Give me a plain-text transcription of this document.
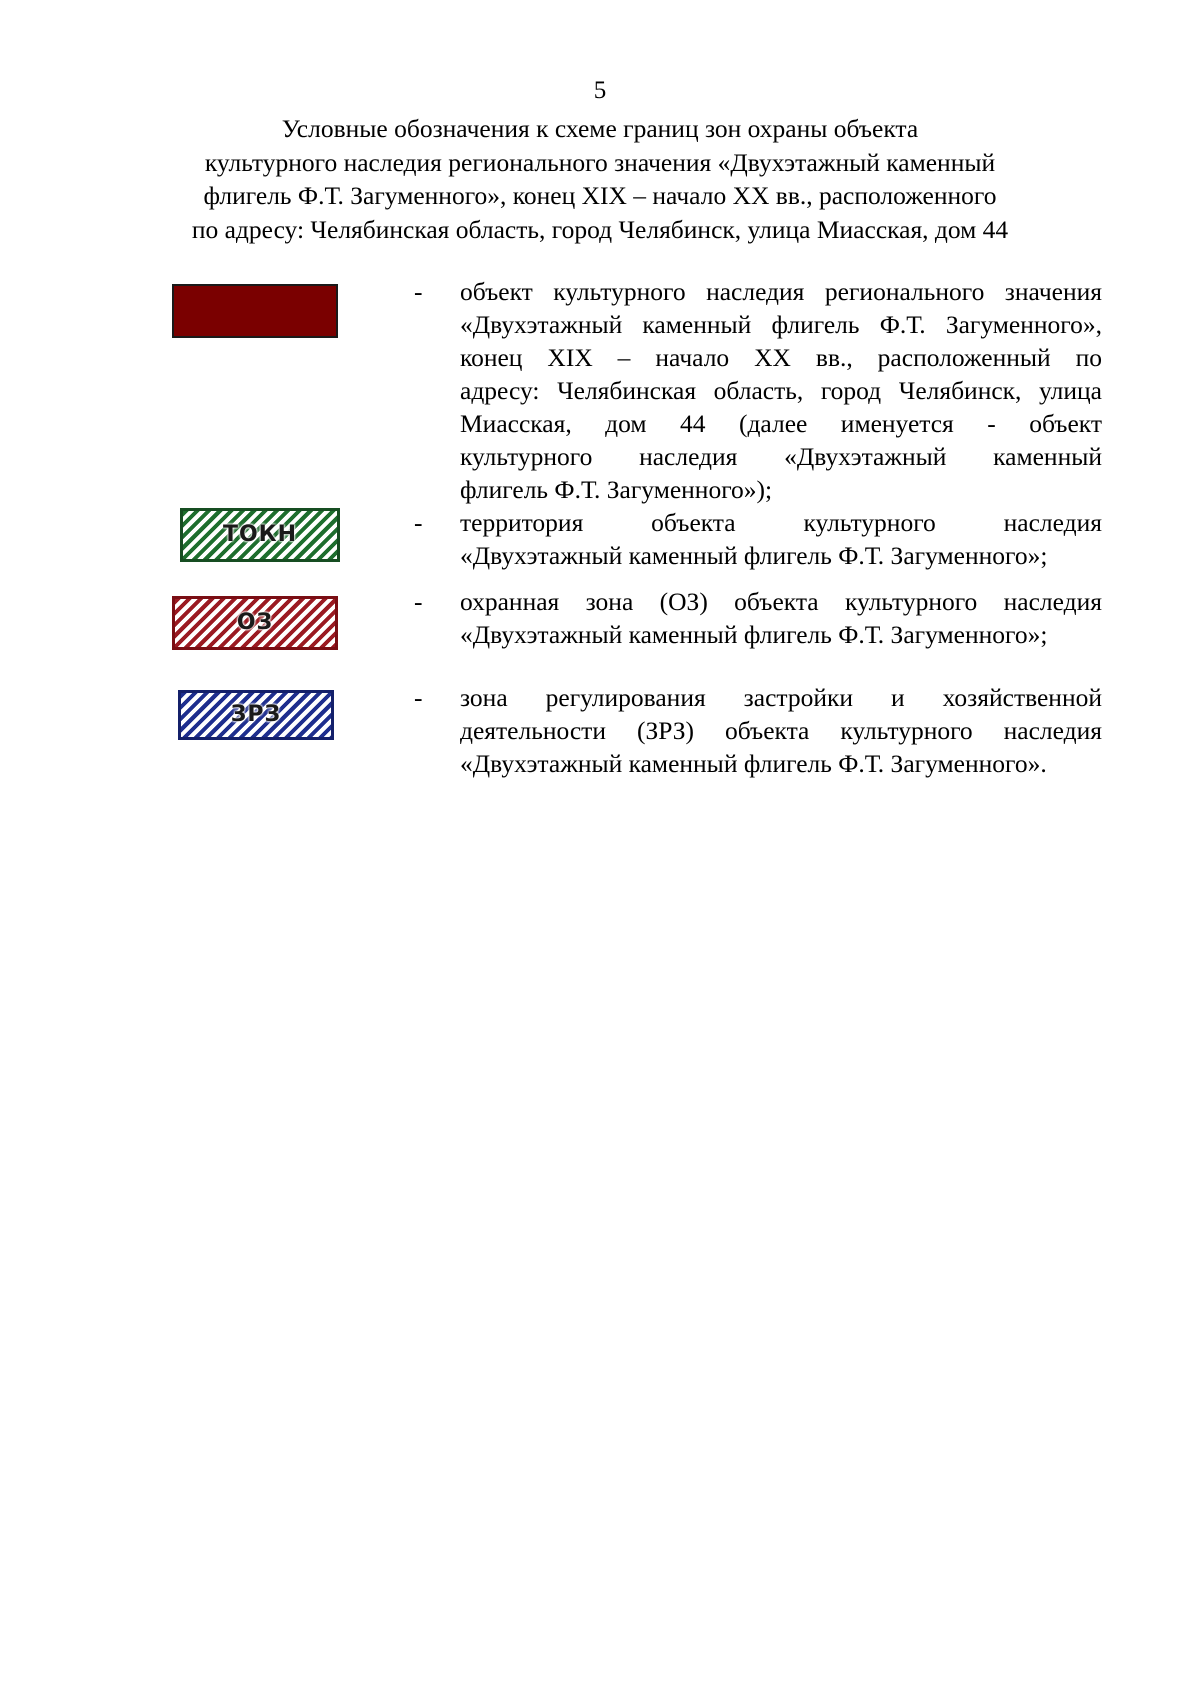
5
Условные обозначения к схеме границ зон охраны объекта
культурного наследия регионального значения «Двухэтажный каменный
флигель Ф.Т. Загуменного», конец XIX – начало XX вв., расположенного
по адресу: Челябинская область, город Челябинск, улица Миасская, дом 44
- объект культурного наследия регионального значения
«Двухэтажный каменный флигель Ф.Т. Загуменного»,
конец XIX – начало XX вв., расположенный по
адресу: Челябинская область, город Челябинск, улица
Миасская, дом 44 (далее именуется - объект
культурного наследия «Двухэтажный каменный
флигель Ф.Т. Загуменного»);
ТОКН	- территория объекта культурного наследия
«Двухэтажный каменный флигель Ф.Т. Загуменного»;
ОЗ
- охранная зона (ОЗ) объекта культурного наследия
«Двухэтажный каменный флигель Ф.Т. Загуменного»;
ЗРЗ
- зона регулирования застройки и хозяйственной
деятельности (ЗРЗ) объекта культурного наследия
«Двухэтажный каменный флигель Ф.Т. Загуменного».
